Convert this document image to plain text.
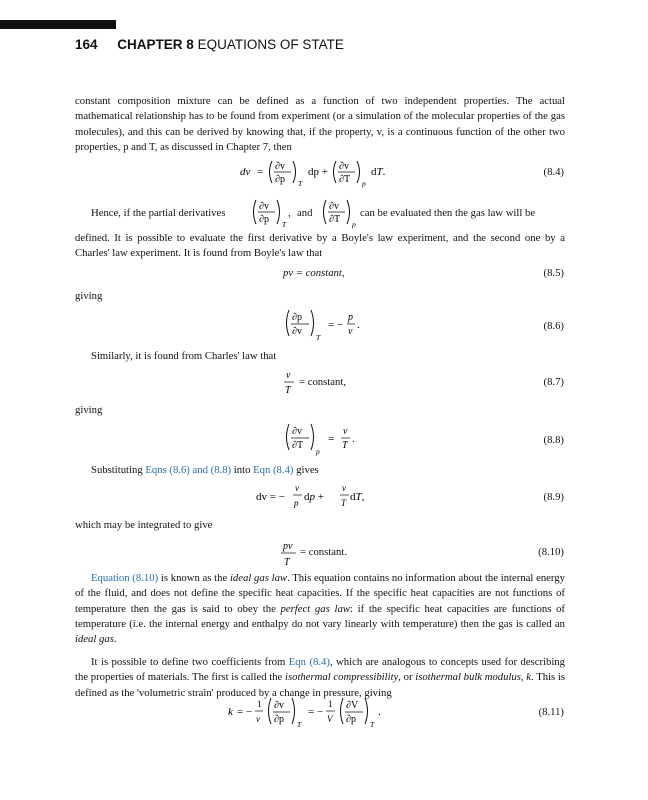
164 CHAPTER 8 EQUATIONS OF STATE
constant composition mixture can be defined as a function of two independent properties. The actual mathematical relationship has to be found from experiment (or a simulation of the molecular properties of the gas molecules), and this can be derived by knowing that, if the property, v, is a continuous function of the other two properties, p and T, as discussed in Chapter 7, then
dv = ∂v
∂p T
dp + ∂v
∂T p
dT.	(8.4)
Hence, if the partial derivatives
∂v
∂p T
, and
∂v
∂T p
can be evaluated then the gas law will be
defined. It is possible to evaluate the first derivative by a Boyle's law experiment, and the second one by a Charles' law experiment. It is found from Boyle's law that
pv = constant,	(8.5)
giving
∂p
∂v
T
= −
p
v
.	(8.6)
Similarly, it is found from Charles' law that
v
T
= constant,	(8.7)
giving
∂v
∂T
p
=
v
T
.	(8.8)
Substituting Eqns (8.6) and (8.8) into Eqn (8.4) gives
dv = −
v
p dp +
v
T dT,	(8.9)
which may be integrated to give
pv
T
= constant.	(8.10)
Equation (8.10) is known as the ideal gas law. This equation contains no information about the internal energy of the fluid, and does not define the specific heat capacities. If the specific heat capacities are not functions of temperature then the gas is said to obey the perfect gas law: if the specific heat capacities are functions of temperature (i.e. the internal energy and enthalpy do not vary linearly with temperature) then the gas is called an ideal gas.
It is possible to define two coefficients from Eqn (8.4), which are analogous to concepts used for describing the properties of materials. The first is called the isothermal compressibility, or isothermal bulk modulus, k. This is defined as the 'volumetric strain' produced by a change in pressure, giving
k = −
1
v
∂v
∂p T
= −
1
V
∂V
∂p T
.	(8.11)
